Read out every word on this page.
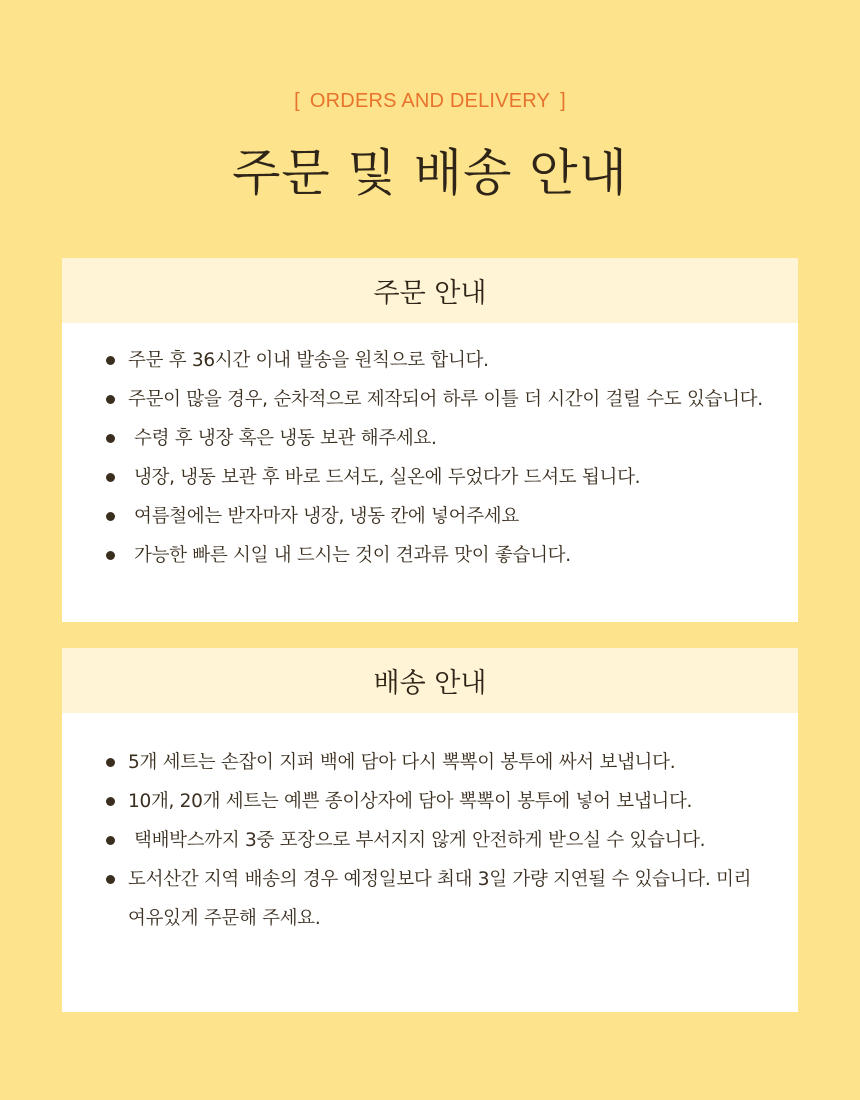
[ ORDERS AND DELIVERY ]
주문 및 배송 안내
주문 안내
주문 후 36시간 이내 발송을 원칙으로 합니다.
주문이 많을 경우, 순차적으로 제작되어 하루 이틀 더 시간이 걸릴 수도 있습니다.
수령 후 냉장 혹은 냉동 보관 해주세요.
냉장, 냉동 보관 후 바로 드셔도, 실온에 두었다가 드셔도 됩니다.
여름철에는 받자마자 냉장, 냉동 칸에 넣어주세요
가능한 빠른 시일 내 드시는 것이 견과류 맛이 좋습니다.
배송 안내
5개 세트는 손잡이 지퍼 백에 담아 다시 뽁뽁이 봉투에 싸서 보냅니다.
10개, 20개 세트는 예쁜 종이상자에 담아 뽁뽁이 봉투에 넣어 보냅니다.
택배박스까지 3중 포장으로 부서지지 않게 안전하게 받으실 수 있습니다.
도서산간 지역 배송의 경우 예정일보다 최대 3일 가량 지연될 수 있습니다. 미리 여유있게 주문해 주세요.
